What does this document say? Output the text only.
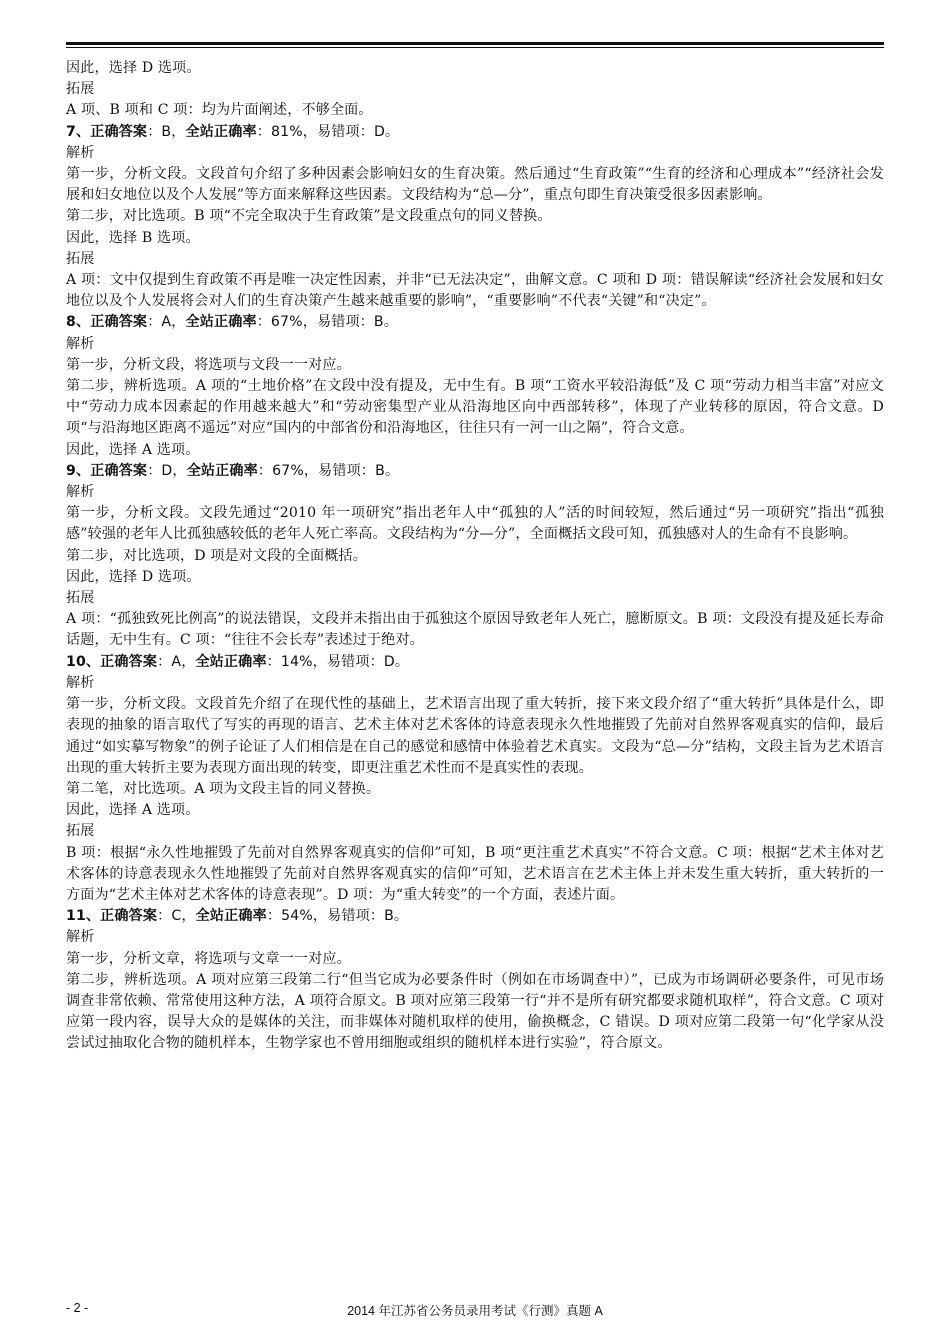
因此，选择 D 选项。

拓展

A 项、B 项和 C 项：均为片面阐述，不够全面。

7、正确答案：B，全站正确率：81%，易错项：D。

解析

第一步，分析文段。文段首句介绍了多种因素会影响妇女的生育决策。然后通过“生育政策”“生育的经济和心理成本”“经济社会发展和妇女地位以及个人发展”等方面来解释这些因素。文段结构为“总—分”，重点句即生育决策受很多因素影响。

第二步，对比选项。B 项“不完全取决于生育政策”是文段重点句的同义替换。

因此，选择 B 选项。

拓展

A 项：文中仅提到生育政策不再是唯一决定性因素，并非“已无法决定”，曲解文意。C 项和 D 项：错误解读“经济社会发展和妇女地位以及个人发展将会对人们的生育决策产生越来越重要的影响”，“重要影响”不代表“关键”和“决定”。

8、正确答案：A，全站正确率：67%，易错项：B。

解析

第一步，分析文段，将选项与文段一一对应。

第二步，辨析选项。A 项的“土地价格”在文段中没有提及，无中生有。B 项“工资水平较沿海低”及 C 项“劳动力相当丰富”对应文中“劳动力成本因素起的作用越来越大”和“劳动密集型产业从沿海地区向中西部转移”，体现了产业转移的原因，符合文意。D 项“与沿海地区距离不遥远”对应“国内的中部省份和沿海地区，往往只有一河一山之隔”，符合文意。

因此，选择 A 选项。

9、正确答案：D，全站正确率：67%，易错项：B。

解析

第一步，分析文段。文段先通过“2010 年一项研究”指出老年人中“孤独的人”活的时间较短，然后通过“另一项研究”指出“孤独感”较强的老年人比孤独感较低的老年人死亡率高。文段结构为“分—分”，全面概括文段可知，孤独感对人的生命有不良影响。

第二步，对比选项，D 项是对文段的全面概括。

因此，选择 D 选项。

拓展

A 项：“孤独致死比例高”的说法错误，文段并未指出由于孤独这个原因导致老年人死亡，臆断原文。B 项：文段没有提及延长寿命话题，无中生有。C 项：“往往不会长寿”表述过于绝对。

10、正确答案：A，全站正确率：14%，易错项：D。

解析

第一步，分析文段。文段首先介绍了在现代性的基础上，艺术语言出现了重大转折，接下来文段介绍了“重大转折”具体是什么，即表现的抽象的语言取代了写实的再现的语言、艺术主体对艺术客体的诗意表现永久性地摧毁了先前对自然界客观真实的信仰，最后通过“如实摹写物象”的例子论证了人们相信是在自己的感觉和感情中体验着艺术真实。文段为“总—分”结构，文段主旨为艺术语言出现的重大转折主要为表现方面出现的转变，即更注重艺术性而不是真实性的表现。

第二笔，对比选项。A 项为文段主旨的同义替换。

因此，选择 A 选项。

拓展

B 项：根据“永久性地摧毁了先前对自然界客观真实的信仰”可知，B 项“更注重艺术真实”不符合文意。C 项：根据“艺术主体对艺术客体的诗意表现永久性地摧毁了先前对自然界客观真实的信仰”可知，艺术语言在艺术主体上并未发生重大转折，重大转折的一方面为“艺术主体对艺术客体的诗意表现”。D 项：为“重大转变”的一个方面，表述片面。

11、正确答案：C，全站正确率：54%，易错项：B。

解析

第一步，分析文章，将选项与文章一一对应。

第二步，辨析选项。A 项对应第三段第二行“但当它成为必要条件时（例如在市场调查中）”，已成为市场调研必要条件，可见市场调查非常依赖、常常使用这种方法，A 项符合原文。B 项对应第三段第一行“并不是所有研究都要求随机取样”，符合文意。C 项对应第一段内容，误导大众的是媒体的关注，而非媒体对随机取样的使用，偷换概念，C 错误。D 项对应第二段第一句“化学家从没尝试过抽取化合物的随机样本，生物学家也不曾用细胞或组织的随机样本进行实验”，符合原文。

- 2 -	2014 年江苏省公务员录用考试《行测》真题 A
